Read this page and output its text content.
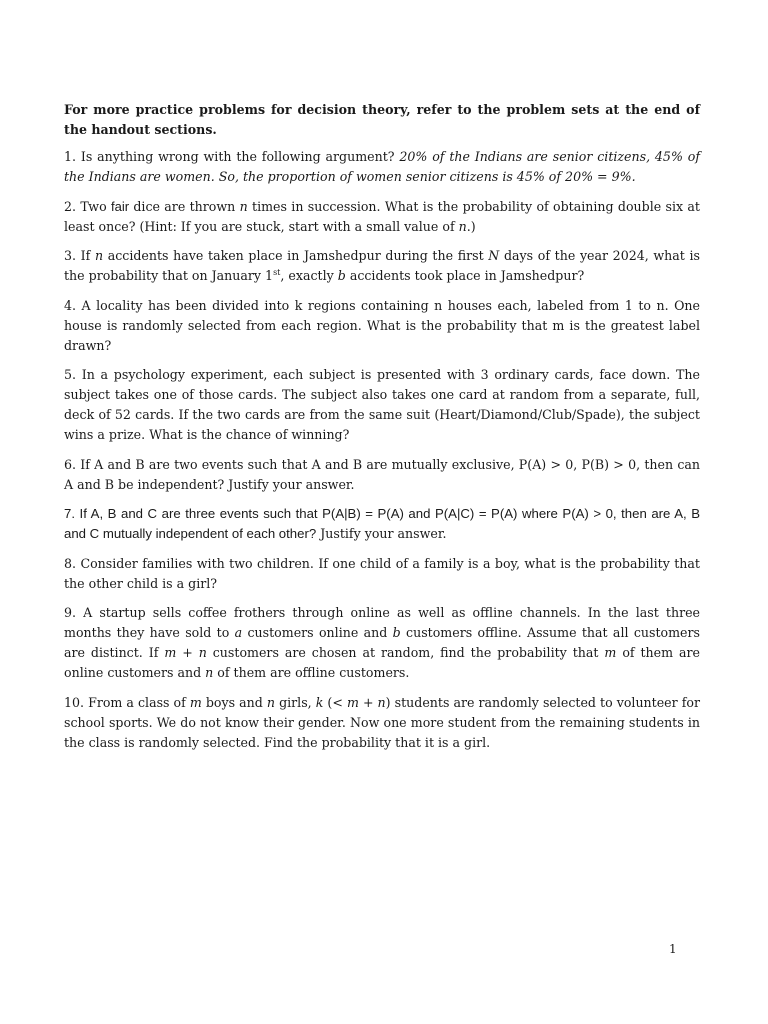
For more practice problems for decision theory, refer to the problem sets at the end of the handout sections.

1. Is anything wrong with the following argument? 20% of the Indians are senior citizens, 45% of the Indians are women. So, the proportion of women senior citizens is 45% of 20% = 9%.

2. Two fair dice are thrown n times in succession. What is the probability of obtaining double six at least once? (Hint: If you are stuck, start with a small value of n.)

3. If n accidents have taken place in Jamshedpur during the first N days of the year 2024, what is the probability that on January 1st, exactly b accidents took place in Jamshedpur?

4. A locality has been divided into k regions containing n houses each, labeled from 1 to n. One house is randomly selected from each region. What is the probability that m is the greatest label drawn?

5. In a psychology experiment, each subject is presented with 3 ordinary cards, face down. The subject takes one of those cards. The subject also takes one card at random from a separate, full, deck of 52 cards. If the two cards are from the same suit (Heart/Diamond/Club/Spade), the subject wins a prize. What is the chance of winning?

6. If A and B are two events such that A and B are mutually exclusive, P(A) > 0, P(B) > 0, then can A and B be independent? Justify your answer.

7. If A, B and C are three events such that P(A|B) = P(A) and P(A|C) = P(A) where P(A) > 0, then are A, B and C mutually independent of each other? Justify your answer.

8. Consider families with two children. If one child of a family is a boy, what is the probability that the other child is a girl?

9. A startup sells coffee frothers through online as well as offline channels. In the last three months they have sold to a customers online and b customers offline. Assume that all customers are distinct. If m + n customers are chosen at random, find the probability that m of them are online customers and n of them are offline customers.

10. From a class of m boys and n girls, k (< m + n) students are randomly selected to volunteer for school sports. We do not know their gender. Now one more student from the remaining students in the class is randomly selected. Find the probability that it is a girl.

1
